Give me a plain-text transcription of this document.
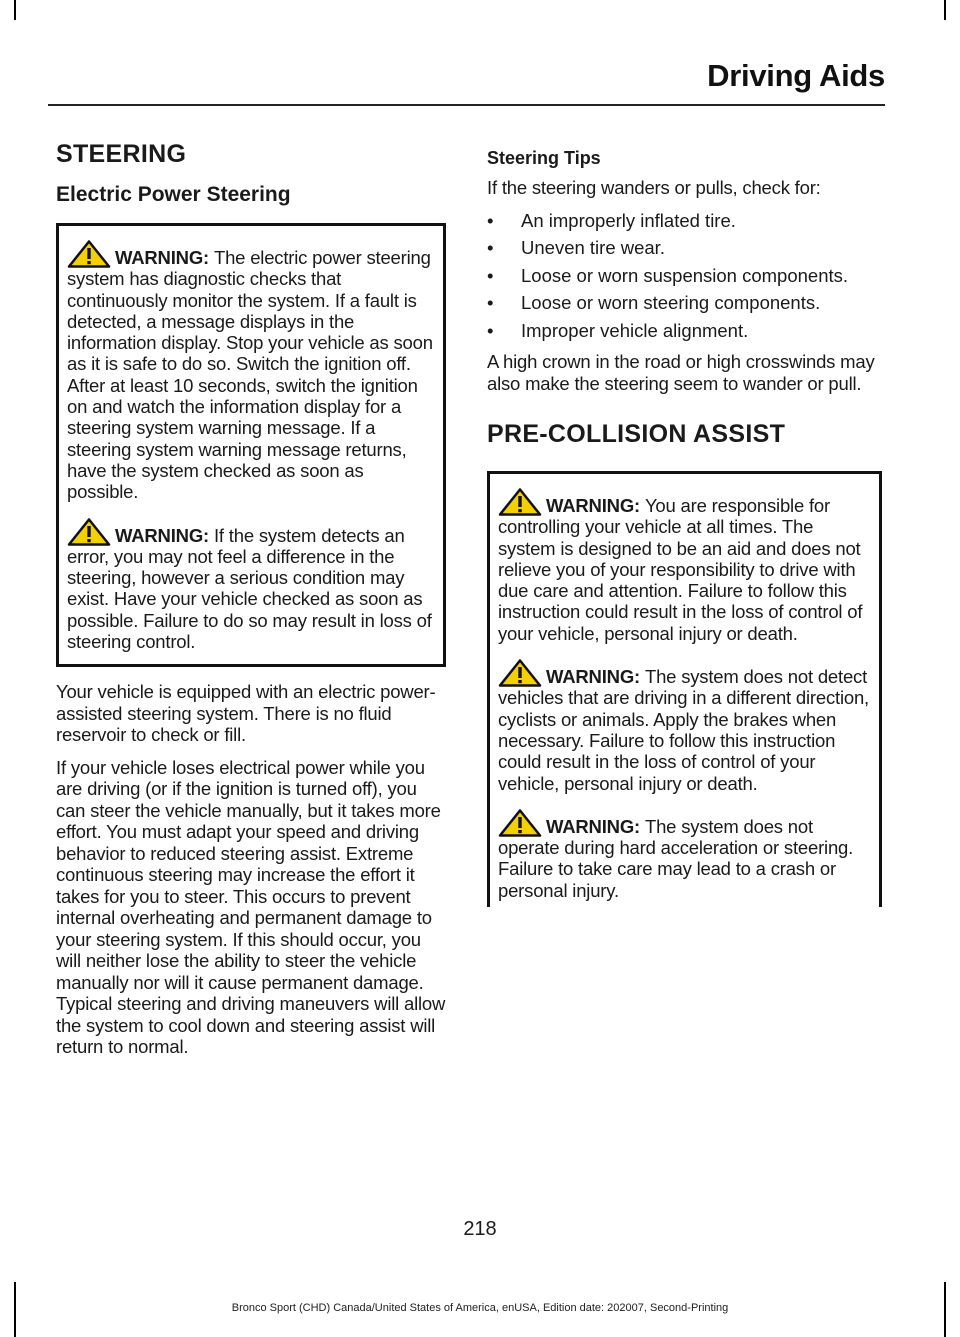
Driving Aids
STEERING
Electric Power Steering

WARNING: The electric power steering system has diagnostic checks that continuously monitor the system. If a fault is detected, a message displays in the information display. Stop your vehicle as soon as it is safe to do so. Switch the ignition off. After at least 10 seconds, switch the ignition on and watch the information display for a steering system warning message. If a steering system warning message returns, have the system checked as soon as possible.

WARNING: If the system detects an error, you may not feel a difference in the steering, however a serious condition may exist. Have your vehicle checked as soon as possible. Failure to do so may result in loss of steering control.

Your vehicle is equipped with an electric power-assisted steering system. There is no fluid reservoir to check or fill.

If your vehicle loses electrical power while you are driving (or if the ignition is turned off), you can steer the vehicle manually, but it takes more effort. You must adapt your speed and driving behavior to reduced steering assist. Extreme continuous steering may increase the effort it takes for you to steer. This occurs to prevent internal overheating and permanent damage to your steering system. If this should occur, you will neither lose the ability to steer the vehicle manually nor will it cause permanent damage. Typical steering and driving maneuvers will allow the system to cool down and steering assist will return to normal.

Steering Tips

If the steering wanders or pulls, check for:

•	An improperly inflated tire.
•	Uneven tire wear.
•	Loose or worn suspension components.
•	Loose or worn steering components.
•	Improper vehicle alignment.

A high crown in the road or high crosswinds may also make the steering seem to wander or pull.

PRE-COLLISION ASSIST

WARNING: You are responsible for controlling your vehicle at all times. The system is designed to be an aid and does not relieve you of your responsibility to drive with due care and attention. Failure to follow this instruction could result in the loss of control of your vehicle, personal injury or death.

WARNING: The system does not detect vehicles that are driving in a different direction, cyclists or animals. Apply the brakes when necessary. Failure to follow this instruction could result in the loss of control of your vehicle, personal injury or death.

WARNING: The system does not operate during hard acceleration or steering. Failure to take care may lead to a crash or personal injury.

218
Bronco Sport (CHD) Canada/United States of America, enUSA, Edition date: 202007, Second-Printing
